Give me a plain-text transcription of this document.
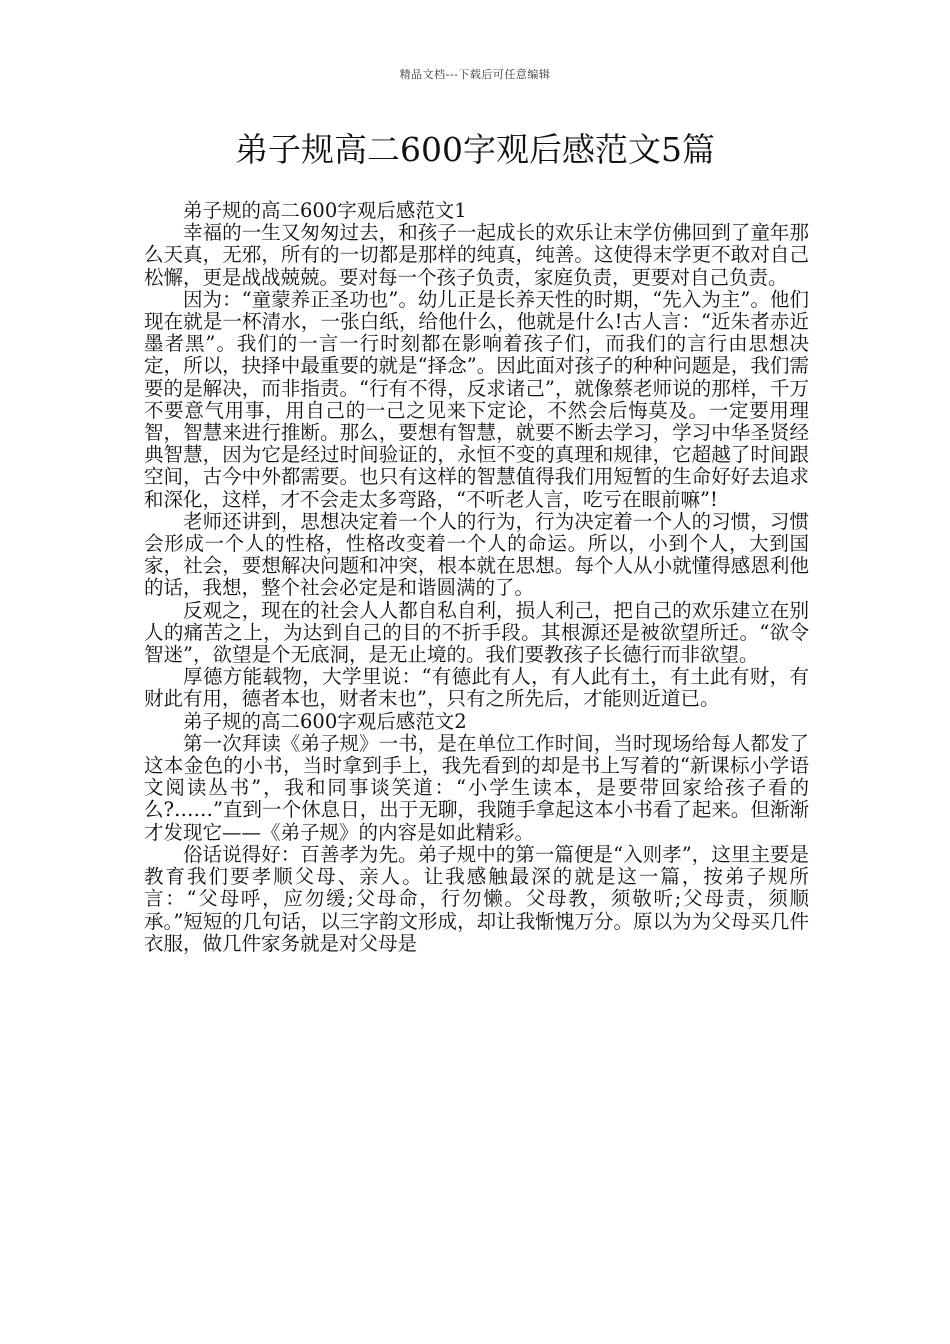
精品文档---下载后可任意编辑
弟子规高二600字观后感范文5篇

弟子规的高二600字观后感范文1

幸福的一生又匆匆过去，和孩子一起成长的欢乐让末学仿佛回到了童年那么天真，无邪，所有的一切都是那样的纯真，纯善。这使得末学更不敢对自己松懈，更是战战兢兢。要对每一个孩子负责，家庭负责，更要对自己负责。

因为：“童蒙养正圣功也”。幼儿正是长养天性的时期，“先入为主”。他们现在就是一杯清水，一张白纸，给他什么，他就是什么!古人言：“近朱者赤近墨者黑”。我们的一言一行时刻都在影响着孩子们，而我们的言行由思想决定，所以，抉择中最重要的就是“择念”。因此面对孩子的种种问题是，我们需要的是解决，而非指责。“行有不得，反求诸己”，就像蔡老师说的那样，千万不要意气用事，用自己的一己之见来下定论，不然会后悔莫及。一定要用理智，智慧来进行推断。那么，要想有智慧，就要不断去学习，学习中华圣贤经典智慧，因为它是经过时间验证的，永恒不变的真理和规律，它超越了时间跟空间，古今中外都需要。也只有这样的智慧值得我们用短暂的生命好好去追求和深化，这样，才不会走太多弯路，“不听老人言，吃亏在眼前嘛”!

老师还讲到，思想决定着一个人的行为，行为决定着一个人的习惯，习惯会形成一个人的性格，性格改变着一个人的命运。所以，小到个人，大到国家，社会，要想解决问题和冲突，根本就在思想。每个人从小就懂得感恩利他的话，我想，整个社会必定是和谐圆满的了。

反观之，现在的社会人人都自私自利，损人利己，把自己的欢乐建立在别人的痛苦之上，为达到自己的目的不折手段。其根源还是被欲望所迁。“欲令智迷”，欲望是个无底洞，是无止境的。我们要教孩子长德行而非欲望。

厚德方能载物，大学里说：“有德此有人，有人此有土，有土此有财，有财此有用，德者本也，财者末也”，只有之所先后，才能则近道已。

弟子规的高二600字观后感范文2

第一次拜读《弟子规》一书，是在单位工作时间，当时现场给每人都发了这本金色的小书，当时拿到手上，我先看到的却是书上写着的“新课标小学语文阅读丛书”，我和同事谈笑道：“小学生读本，是要带回家给孩子看的么?……”直到一个休息日，出于无聊，我随手拿起这本小书看了起来。但渐渐才发现它——《弟子规》的内容是如此精彩。

俗话说得好：百善孝为先。弟子规中的第一篇便是“入则孝”，这里主要是教育我们要孝顺父母、亲人。让我感触最深的就是这一篇，按弟子规所言：“父母呼，应勿缓;父母命，行勿懒。父母教，须敬听;父母责，须顺承。”短短的几句话，以三字韵文形成，却让我惭愧万分。原以为为父母买几件衣服，做几件家务就是对父母是
